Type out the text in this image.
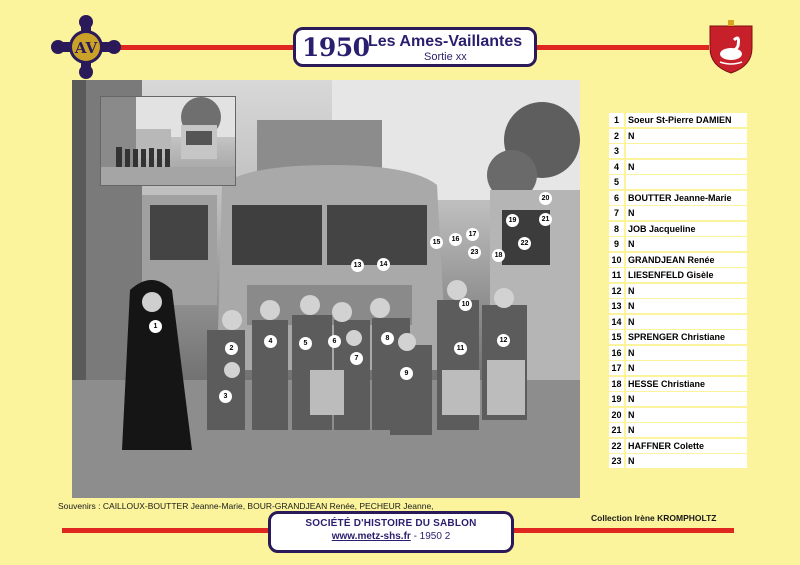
AV	1950
Les Ames-Vaillantes
Sortie xx
1
2
3
4	5	6
7
8
9
10
11
12
13	14
15	16
17
18
19
20
21
22
23
1	Soeur St-Pierre DAMIEN
2	N
3
4	N
5
6	BOUTTER Jeanne-Marie
7	N
8	JOB Jacqueline
9	N
10 GRANDJEAN Renée
11 LIESENFELD Gisèle
12 N
13 N
14 N
15 SPRENGER Christiane
16 N
17 N
18 HESSE Christiane
19 N
20 N
21 N
22 HAFFNER Colette
23 N
Souvenirs : CAILLOUX-BOUTTER Jeanne-Marie, BOUR-GRANDJEAN Renée, PECHEUR Jeanne,
Collection Irène KROMPHOLTZ
SOCIÉTÉ D'HISTOIRE DU SABLON
www.metz-shs.fr - 1950 2
